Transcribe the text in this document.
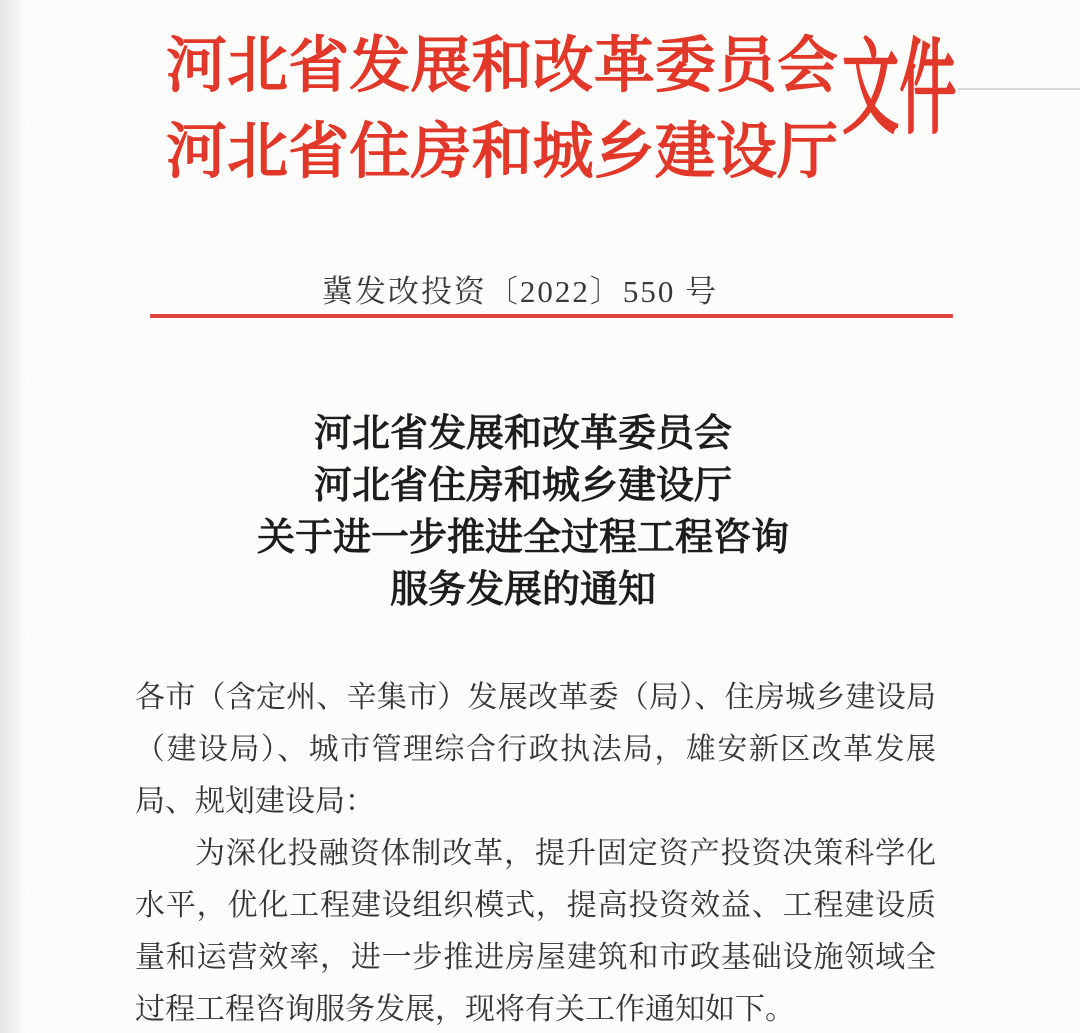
河北省发展和改革委员会
河北省住房和城乡建设厅
文件
冀发改投资〔2022〕550 号
河北省发展和改革委员会
河北省住房和城乡建设厅
关于进一步推进全过程工程咨询
服务发展的通知

各市（含定州、辛集市）发展改革委（局）、住房城乡建设局（建设局）、城市管理综合行政执法局，雄安新区改革发展局、规划建设局：

为深化投融资体制改革，提升固定资产投资决策科学化水平，优化工程建设组织模式，提高投资效益、工程建设质量和运营效率，进一步推进房屋建筑和市政基础设施领域全过程工程咨询服务发展，现将有关工作通知如下。
